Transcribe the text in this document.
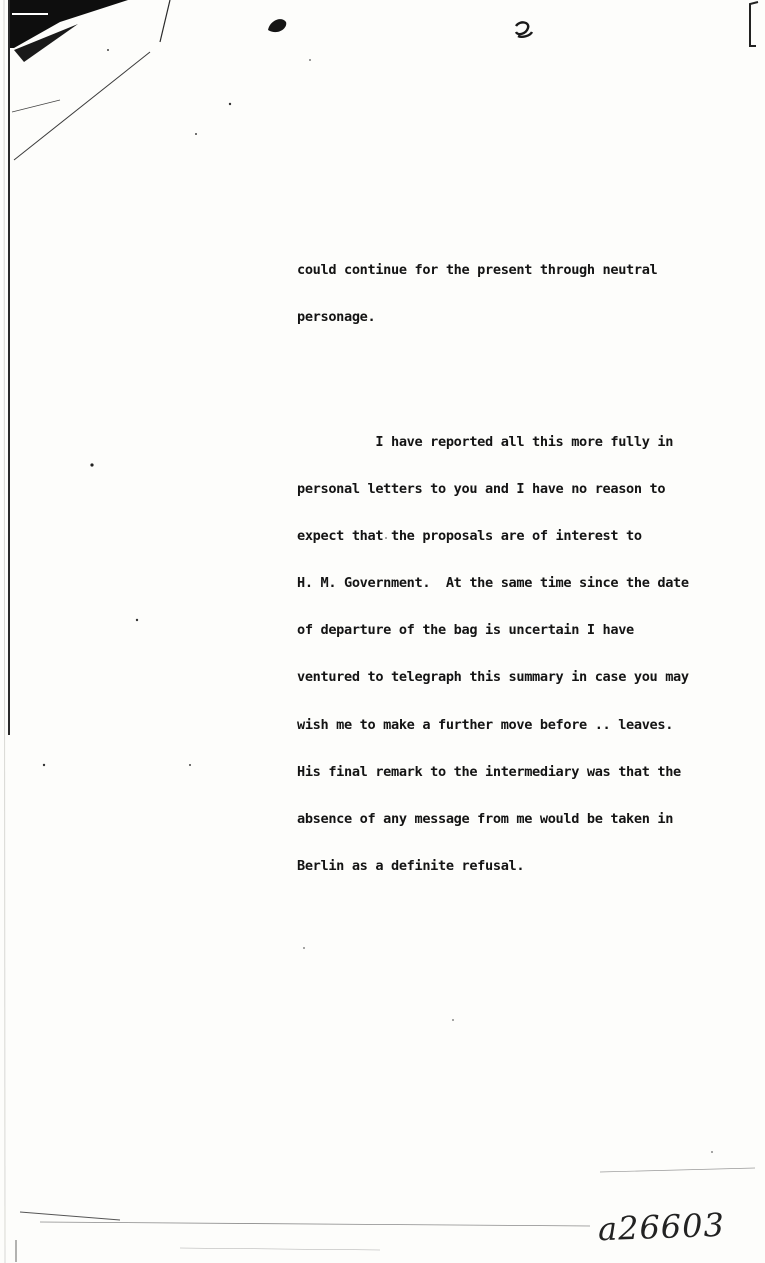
could continue for the present through neutral

personage.

I have reported all this more fully in

personal letters to you and I have no reason to

expect that the proposals are of interest to

H. M. Government.  At the same time since the date

of departure of the bag is uncertain I have

ventured to telegraph this summary in case you may

wish me to make a further move before .. leaves.

His final remark to the intermediary was that the

absence of any message from me would be taken in

Berlin as a definite refusal.

a26603
